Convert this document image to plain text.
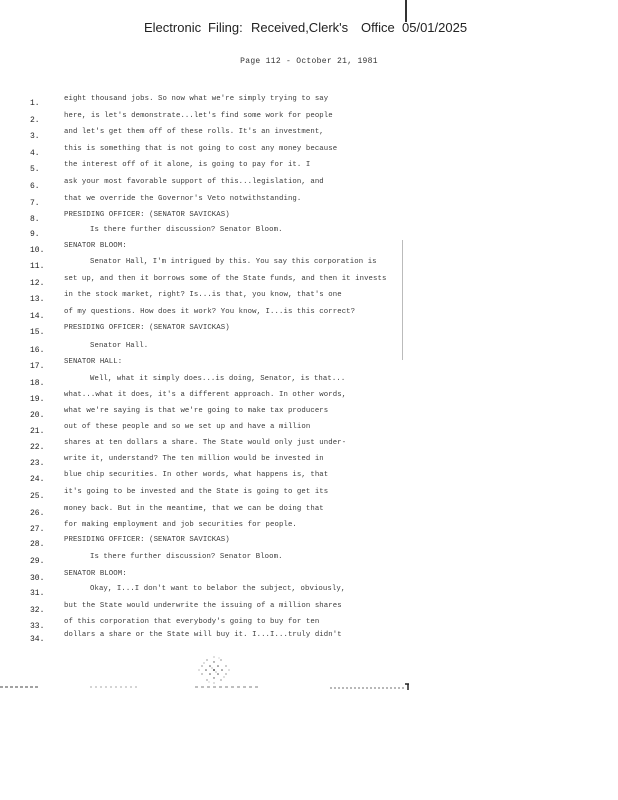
Electronic Filing: Received,Clerk's Office 05/01/2025
Page 112 - October 21, 1981
1.
2.
3.
4.
5.
6.
7.
8.
9.
10.
11.
12.
13.
14.
15.
16.
17.
18.
19.
20.
21.
22.
23.
24.
25.
26.
27.
28.
29.
30.
31.
32.
33.
34.
eight thousand jobs. So now what we're simply trying to say
here, is let's demonstrate...let's find some work for people
and let's get them off of these rolls. It's an investment,
this is something that is not going to cost any money because
the interest off of it alone, is going to pay for it. I
ask your most favorable support of this...legislation, and
that we override the Governor's Veto notwithstanding.
PRESIDING OFFICER: (SENATOR SAVICKAS)
Is there further discussion? Senator Bloom.
SENATOR BLOOM:
Senator Hall, I'm intrigued by this. You say this corporation is
set up, and then it borrows some of the State funds, and then it invests
in the stock market, right? Is...is that, you know, that's one
of my questions. How does it work? You know, I...is this correct?
PRESIDING OFFICER: (SENATOR SAVICKAS)
Senator Hall.
SENATOR HALL:
Well, what it simply does...is doing, Senator, is that...
what...what it does, it's a different approach. In other words,
what we're saying is that we're going to make tax producers
out of these people and so we set up and have a million
shares at ten dollars a share. The State would only just under-
write it, understand? The ten million would be invested in
blue chip securities. In other words, what happens is, that
it's going to be invested and the State is going to get its
money back. But in the meantime, that we can be doing that
for making employment and job securities for people.
PRESIDING OFFICER: (SENATOR SAVICKAS)
Is there further discussion? Senator Bloom.
SENATOR BLOOM:
Okay, I...I don't want to belabor the subject, obviously,
but the State would underwrite the issuing of a million shares
of this corporation that everybody's going to buy for ten
dollars a share or the State will buy it. I...I...truly didn't
